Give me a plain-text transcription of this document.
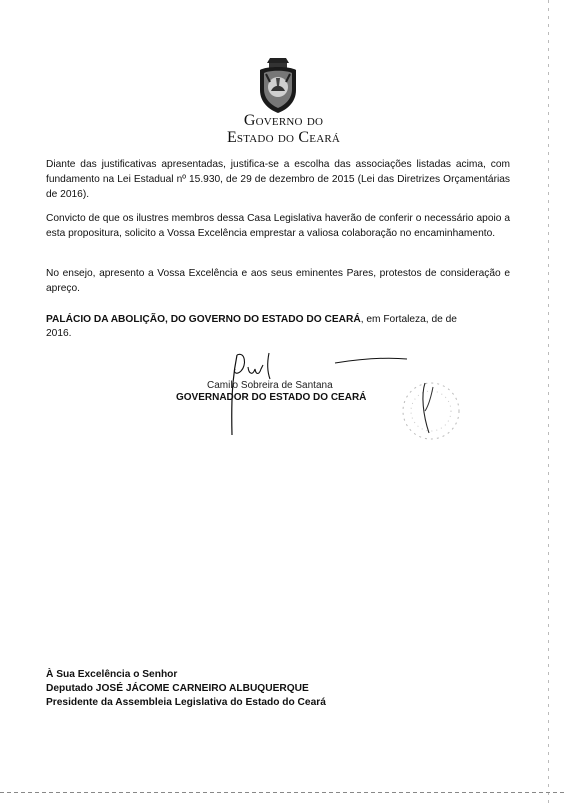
Governo do
Estado do Ceará

Diante das justificativas apresentadas, justifica-se a escolha das associações listadas acima, com fundamento na Lei Estadual nº 15.930, de 29 de dezembro de 2015 (Lei das Diretrizes Orçamentárias de 2016).

Convicto de que os ilustres membros dessa Casa Legislativa haverão de conferir o necessário apoio a esta propositura, solicito a Vossa Excelência emprestar a valiosa colaboração no encaminhamento.

No ensejo, apresento a Vossa Excelência e aos seus eminentes Pares, protestos de consideração e apreço.

PALÁCIO DA ABOLIÇÃO, DO GOVERNO DO ESTADO DO CEARÁ, em Fortaleza, de de
2016.
Camilo Sobreira de Santana
GOVERNADOR DO ESTADO DO CEARÁ
À Sua Excelência o Senhor
Deputado JOSÉ JÁCOME CARNEIRO ALBUQUERQUE
Presidente da Assembleia Legislativa do Estado do Ceará
